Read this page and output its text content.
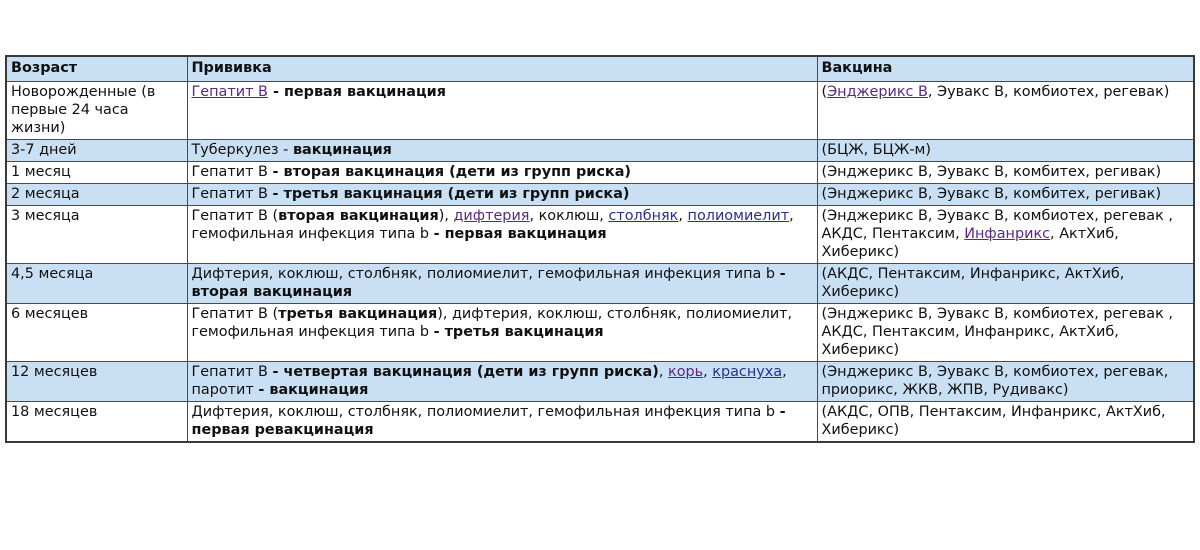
Возраст	Прививка	Вакцина
Новорожденные (в первые 24 часа жизни)	Гепатит В - первая вакцинация	(Энджерикс В, Эувакс В, комбиотех, регевак)
3-7 дней	Туберкулез - вакцинация	(БЦЖ, БЦЖ-м)
1 месяц	Гепатит В - вторая вакцинация (дети из групп риска)	(Энджерикс В, Эувакс В, комбитех, регивак)
2 месяца	Гепатит В - третья вакцинация (дети из групп риска)	(Энджерикс В, Эувакс В, комбитех, регивак)
3 месяца	Гепатит В (вторая вакцинация), дифтерия, коклюш, столбняк, полиомиелит, гемофильная инфекция типа b - первая вакцинация	(Энджерикс В, Эувакс В, комбиотех, регевак , АКДС, Пентаксим, Инфанрикс, АктХиб, Хиберикс)
4,5 месяца	Дифтерия, коклюш, столбняк, полиомиелит, гемофильная инфекция типа b - вторая вакцинация	(АКДС, Пентаксим, Инфанрикс, АктХиб, Хиберикс)
6 месяцев	Гепатит В (третья вакцинация), дифтерия, коклюш, столбняк, полиомиелит, гемофильная инфекция типа b - третья вакцинация	(Энджерикс В, Эувакс В, комбиотех, регевак , АКДС, Пентаксим, Инфанрикс, АктХиб, Хиберикс)
12 месяцев	Гепатит В - четвертая вакцинация (дети из групп риска), корь, краснуха, паротит - вакцинация	(Энджерикс В, Эувакс В, комбиотех, регевак, приорикс, ЖКВ, ЖПВ, Рудивакс)
18 месяцев	Дифтерия, коклюш, столбняк, полиомиелит, гемофильная инфекция типа b - первая ревакцинация	(АКДС, ОПВ, Пентаксим, Инфанрикс, АктХиб, Хиберикс)
